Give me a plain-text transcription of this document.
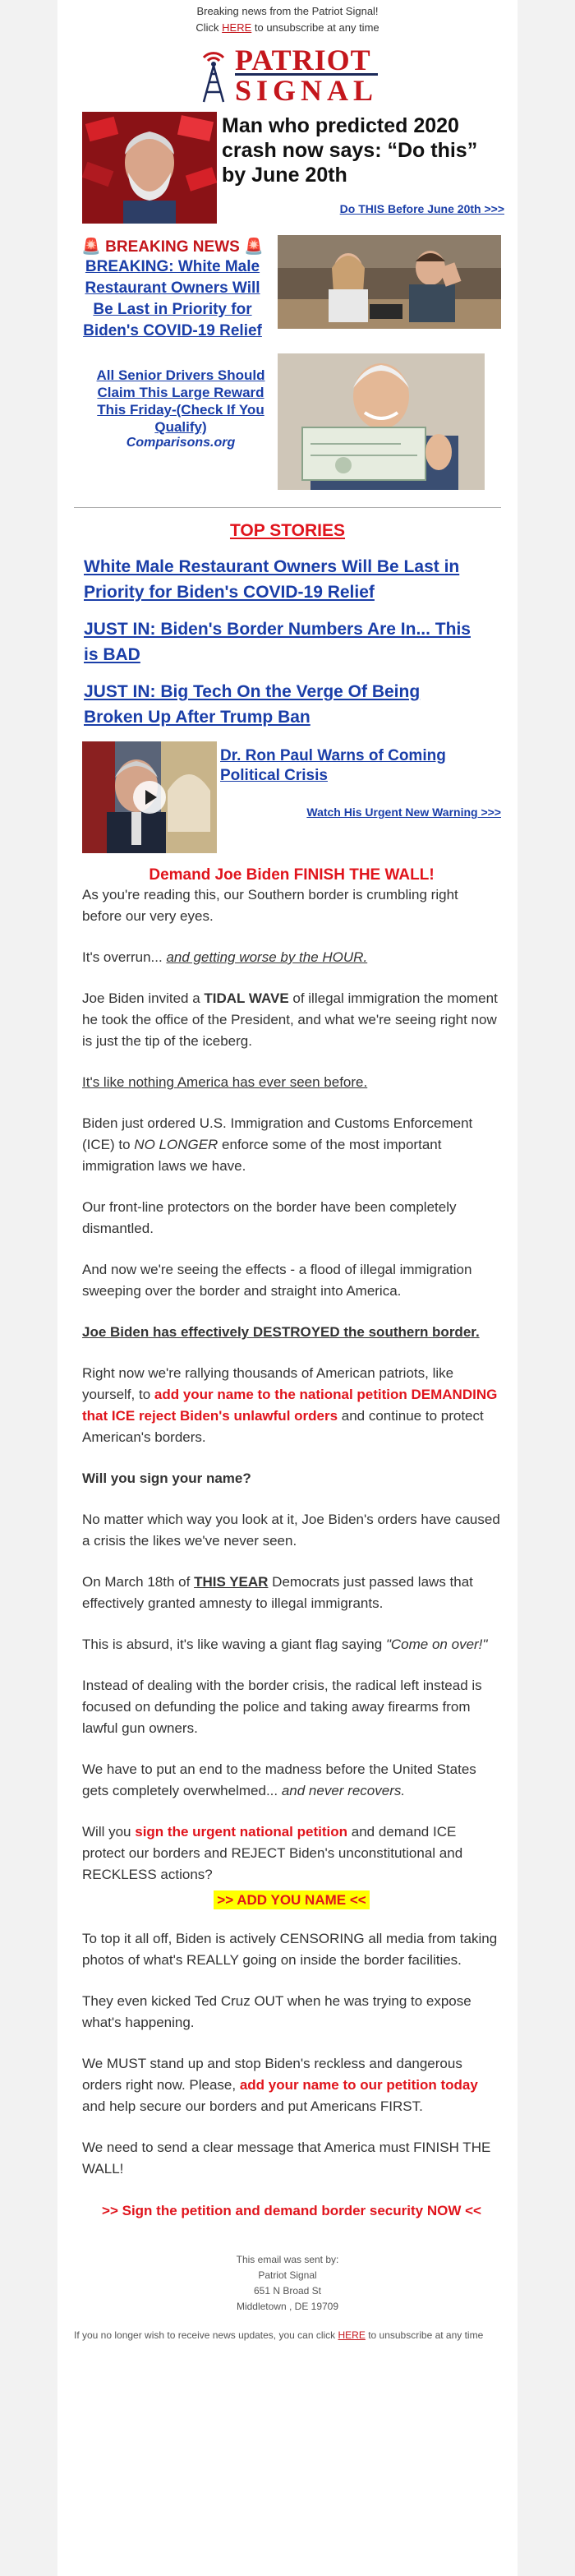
Breaking news from the Patriot Signal!
Click HERE to unsubscribe at any time
PATRIOT
SIGNAL
Man who predicted 2020 crash now says: “Do this” by June 20th
Do THIS Before June 20th >>>
🚨 BREAKING NEWS 🚨
BREAKING: White Male Restaurant Owners Will Be Last in Priority for Biden's COVID-19 Relief
All Senior Drivers Should Claim This Large Reward This Friday-(Check If You Qualify)
Comparisons.org
TOP STORIES
White Male Restaurant Owners Will Be Last in Priority for Biden's COVID-19 Relief
JUST IN: Biden's Border Numbers Are In... This is BAD
JUST IN: Big Tech On the Verge Of Being Broken Up After Trump Ban
Dr. Ron Paul Warns of Coming Political Crisis
Watch His Urgent New Warning >>>
Demand Joe Biden FINISH THE WALL!

As you're reading this, our Southern border is crumbling right before our very eyes.

It's overrun... and getting worse by the HOUR.

Joe Biden invited a TIDAL WAVE of illegal immigration the moment he took the office of the President, and what we're seeing right now is just the tip of the iceberg.

It's like nothing America has ever seen before.

Biden just ordered U.S. Immigration and Customs Enforcement (ICE) to NO LONGER enforce some of the most important immigration laws we have.

Our front-line protectors on the border have been completely dismantled.

And now we're seeing the effects - a flood of illegal immigration sweeping over the border and straight into America.

Joe Biden has effectively DESTROYED the southern border.

Right now we're rallying thousands of American patriots, like yourself, to add your name to the national petition DEMANDING that ICE reject Biden's unlawful orders and continue to protect American's borders.

Will you sign your name?

No matter which way you look at it, Joe Biden's orders have caused a crisis the likes we've never seen.

On March 18th of THIS YEAR Democrats just passed laws that effectively granted amnesty to illegal immigrants.

This is absurd, it's like waving a giant flag saying "Come on over!"

Instead of dealing with the border crisis, the radical left instead is focused on defunding the police and taking away firearms from lawful gun owners.

We have to put an end to the madness before the United States gets completely overwhelmed... and never recovers.

Will you sign the urgent national petition and demand ICE protect our borders and REJECT Biden's unconstitutional and RECKLESS actions?

>> ADD YOU NAME <<

To top it all off, Biden is actively CENSORING all media from taking photos of what's REALLY going on inside the border facilities.

They even kicked Ted Cruz OUT when he was trying to expose what's happening.

We MUST stand up and stop Biden's reckless and dangerous orders right now. Please, add your name to our petition today and help secure our borders and put Americans FIRST.

We need to send a clear message that America must FINISH THE WALL!

>> Sign the petition and demand border security NOW <<
This email was sent by:
Patriot Signal
651 N Broad St
Middletown , DE 19709
If you no longer wish to receive news updates, you can click HERE to unsubscribe at any time
